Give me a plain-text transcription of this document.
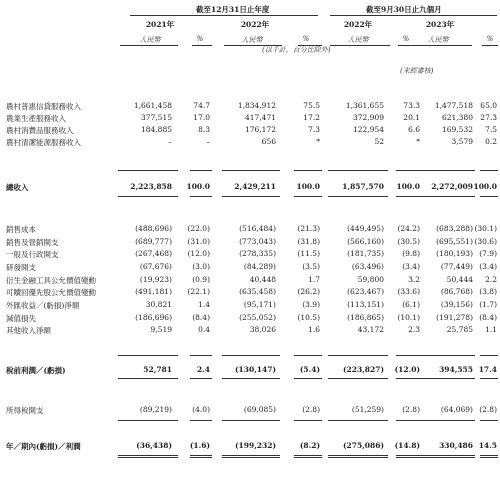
截至12月31日止年度	截至9月30日止九個月
2021年	2022年	2022年	2023年
人民幣	人民幣	人民幣	人民幣
%	%	%	%
(以千計，百分比除外)
(未經審核)
農村普惠信貸服務收入	1,661,458	74.7	1,834,912	75.5	1,361,655	73.3	1,477,518 65.0
農業生產服務收入	377,515	17.0	417,471	17.2	372,909	20.1	621,380 27.3
農村消費品服務收入	184,885	8.3	176,172	7.3	122,954	6.6	169,532	7.5
農村清潔能源服務收入	–	–	656	*	52	*	3,579	0.2
總收入	2,223,858	100.0	2,429,211	100.0	1,857,570	100.0	2,272,009 100.0
銷售成本	(488,696)	(22.0)	(516,484)	(21.3)	(449,495)	(24.2)	(683,288) (30.1)
銷售及營銷開支	(689,777)	(31.0)	(773,043)	(31.8)	(566,160)	(30.5)	(695,551) (30.6)
一般及行政開支	(267,468)	(12.0)	(278,335)	(11.5)	(181,735)	(9.8)	(180,193) (7.9)
研發開支	(67,676)	(3.0)	(84,289)	(3.5)	(63,496)	(3.4)	(77,449) (3.4)
衍生金融工具公允價值變動	(19,923)	(0.9)	40,448	1.7	59,800	3.2	50,444	2.2
可贖回優先股公允價值變動	(491,181)	(22.1)	(635,458)	(26.2)	(623,467)	(33.6)	(86,768) (3.8)
外匯收益／(虧損)淨額	30,821	1.4	(95,171)	(3.9)	(113,151)	(6.1)	(39,156) (1.7)
減值損失	(186,696)	(8.4)	(255,052)	(10.5)	(186,865)	(10.1)	(191,278) (8.4)
其他收入淨額	9,519	0.4	38,026	1.6	43,172	2.3	25,785	1.1
稅前利潤／(虧損)	52,781	2.4	(130,147)	(5.4)	(223,827)	(12.0)	394,555 17.4
所得稅開支	(89,219)	(4.0)	(69,085)	(2.8)	(51,259)	(2.8)	(64,069) (2.8)
年／期內(虧損)／利潤	(36,438)	(1.6)	(199,232)	(8.2)	(275,086)	(14.8)	330,486 14.5
